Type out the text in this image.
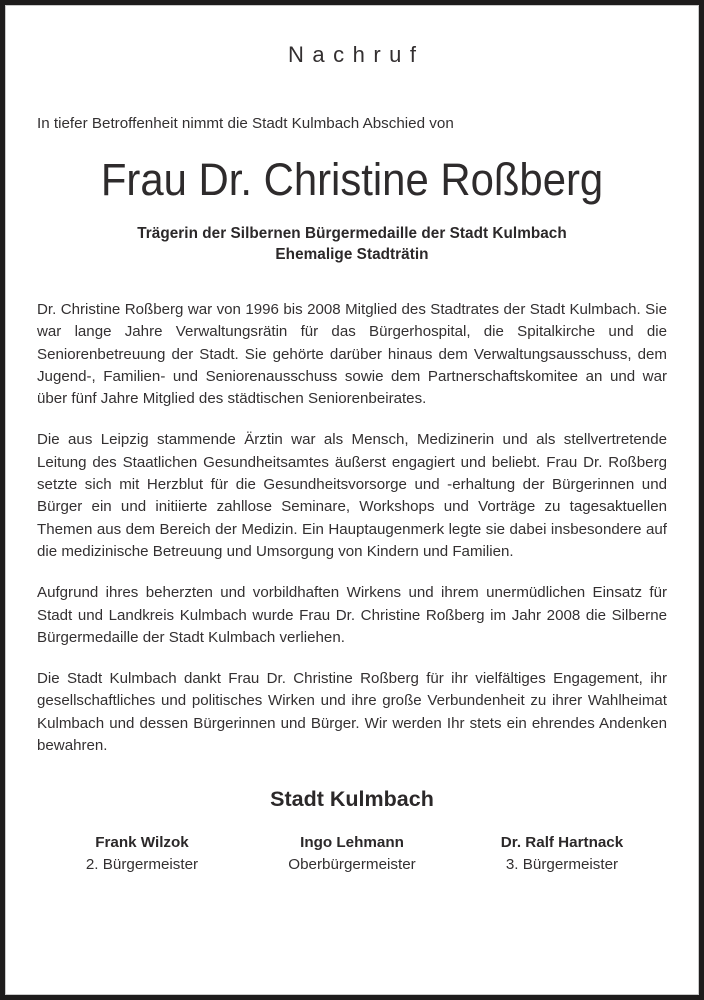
Nachruf
In tiefer Betroffenheit nimmt die Stadt Kulmbach Abschied von
Frau Dr. Christine Roßberg
Trägerin der Silbernen Bürgermedaille der Stadt Kulmbach
Ehemalige Stadträtin

Dr. Christine Roßberg war von 1996 bis 2008 Mitglied des Stadtrates der Stadt Kulmbach. Sie war lange Jahre Verwaltungsrätin für das Bürgerhospital, die Spitalkirche und die Seniorenbetreuung der Stadt. Sie gehörte darüber hinaus dem Verwaltungsausschuss, dem Jugend-, Familien- und Seniorenausschuss sowie dem Partnerschaftskomitee an und war über fünf Jahre Mitglied des städtischen Seniorenbeirates.

Die aus Leipzig stammende Ärztin war als Mensch, Medizinerin und als stellvertretende Leitung des Staatlichen Gesundheitsamtes äußerst engagiert und beliebt. Frau Dr. Roßberg setzte sich mit Herzblut für die Gesundheitsvorsorge und -erhaltung der Bürgerinnen und Bürger ein und initiierte zahllose Seminare, Workshops und Vorträge zu tagesaktuellen Themen aus dem Bereich der Medizin. Ein Hauptaugenmerk legte sie dabei insbesondere auf die medizinische Betreuung und Umsorgung von Kindern und Familien.

Aufgrund ihres beherzten und vorbildhaften Wirkens und ihrem unermüdlichen Einsatz für Stadt und Landkreis Kulmbach wurde Frau Dr. Christine Roßberg im Jahr 2008 die Silberne Bürgermedaille der Stadt Kulmbach verliehen.

Die Stadt Kulmbach dankt Frau Dr. Christine Roßberg für ihr vielfältiges Engagement, ihr gesellschaftliches und politisches Wirken und ihre große Verbundenheit zu ihrer Wahlheimat Kulmbach und dessen Bürgerinnen und Bürger. Wir werden Ihr stets ein ehrendes Andenken bewahren.

Stadt Kulmbach
Frank Wilzok
2. Bürgermeister
Ingo Lehmann
Oberbürgermeister
Dr. Ralf Hartnack
3. Bürgermeister
